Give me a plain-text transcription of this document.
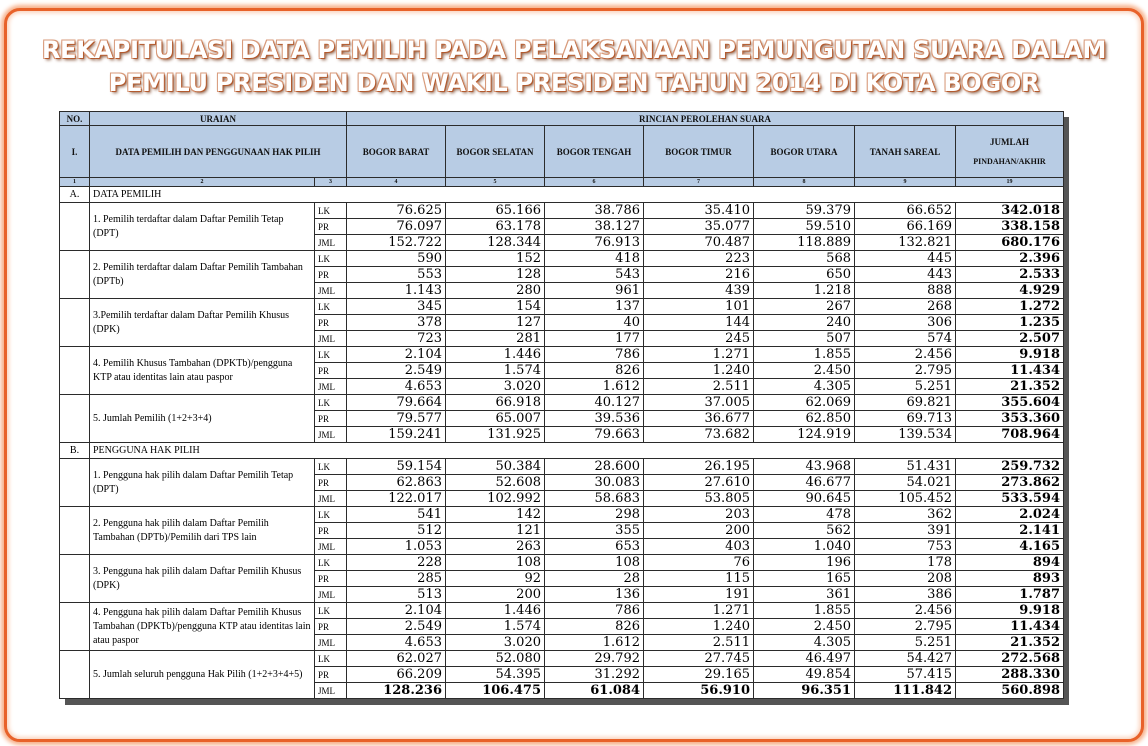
REKAPITULASI DATA PEMILIH PADA PELAKSANAAN PEMUNGUTAN SUARA DALAM
PEMILU PRESIDEN DAN WAKIL PRESIDEN TAHUN 2014 DI KOTA BOGOR
NO.	URAIAN		RINCIAN PEROLEHAN SUARA						
I.	DATA PEMILIH DAN PENGGUNAAN HAK PILIH		BOGOR BARAT	BOGOR SELATAN	BOGOR TENGAH	BOGOR TIMUR	BOGOR UTARA	TANAH SAREAL	JUMLAH
PINDAHAN/AKHIR

1	2	3	4	5	6	7	8	9	19
A.	DATA PEMILIH								
	1. Pemilih terdaftar dalam Daftar Pemilih Tetap (DPT)	LK	76.625	65.166	38.786	35.410	59.379	66.652	342.018
		PR	76.097	63.178	38.127	35.077	59.510	66.169	338.158
		JML	152.722	128.344	76.913	70.487	118.889	132.821	680.176
	2. Pemilih terdaftar dalam Daftar Pemilih Tambahan (DPTb)	LK	590	152	418	223	568	445	2.396
		PR	553	128	543	216	650	443	2.533
		JML	1.143	280	961	439	1.218	888	4.929
	3.Pemilih terdaftar dalam Daftar Pemilih Khusus (DPK)	LK	345	154	137	101	267	268	1.272
		PR	378	127	40	144	240	306	1.235
		JML	723	281	177	245	507	574	2.507
	4. Pemilih Khusus Tambahan (DPKTb)/pengguna KTP atau identitas lain atau paspor	LK	2.104	1.446	786	1.271	1.855	2.456	9.918
		PR	2.549	1.574	826	1.240	2.450	2.795	11.434
		JML	4.653	3.020	1.612	2.511	4.305	5.251	21.352
	5. Jumlah Pemilih (1+2+3+4)	LK	79.664	66.918	40.127	37.005	62.069	69.821	355.604
		PR	79.577	65.007	39.536	36.677	62.850	69.713	353.360
		JML	159.241	131.925	79.663	73.682	124.919	139.534	708.964
B.	PENGGUNA HAK PILIH								
	1. Pengguna hak pilih dalam Daftar Pemilih Tetap (DPT)	LK	59.154	50.384	28.600	26.195	43.968	51.431	259.732
		PR	62.863	52.608	30.083	27.610	46.677	54.021	273.862
		JML	122.017	102.992	58.683	53.805	90.645	105.452	533.594
	2. Pengguna hak pilih dalam Daftar Pemilih Tambahan (DPTb)/Pemilih dari TPS lain	LK	541	142	298	203	478	362	2.024
		PR	512	121	355	200	562	391	2.141
		JML	1.053	263	653	403	1.040	753	4.165
	3. Pengguna hak pilih dalam Daftar Pemilih Khusus (DPK)	LK	228	108	108	76	196	178	894
		PR	285	92	28	115	165	208	893
		JML	513	200	136	191	361	386	1.787
	4. Pengguna hak pilih dalam Daftar Pemilih Khusus Tambahan (DPKTb)/pengguna KTP atau identitas lain atau paspor	LK	2.104	1.446	786	1.271	1.855	2.456	9.918
		PR	2.549	1.574	826	1.240	2.450	2.795	11.434
		JML	4.653	3.020	1.612	2.511	4.305	5.251	21.352
	5. Jumlah seluruh pengguna Hak Pilih (1+2+3+4+5)	LK	62.027	52.080	29.792	27.745	46.497	54.427	272.568
		PR	66.209	54.395	31.292	29.165	49.854	57.415	288.330
		JML	128.236	106.475	61.084	56.910	96.351	111.842	560.898
